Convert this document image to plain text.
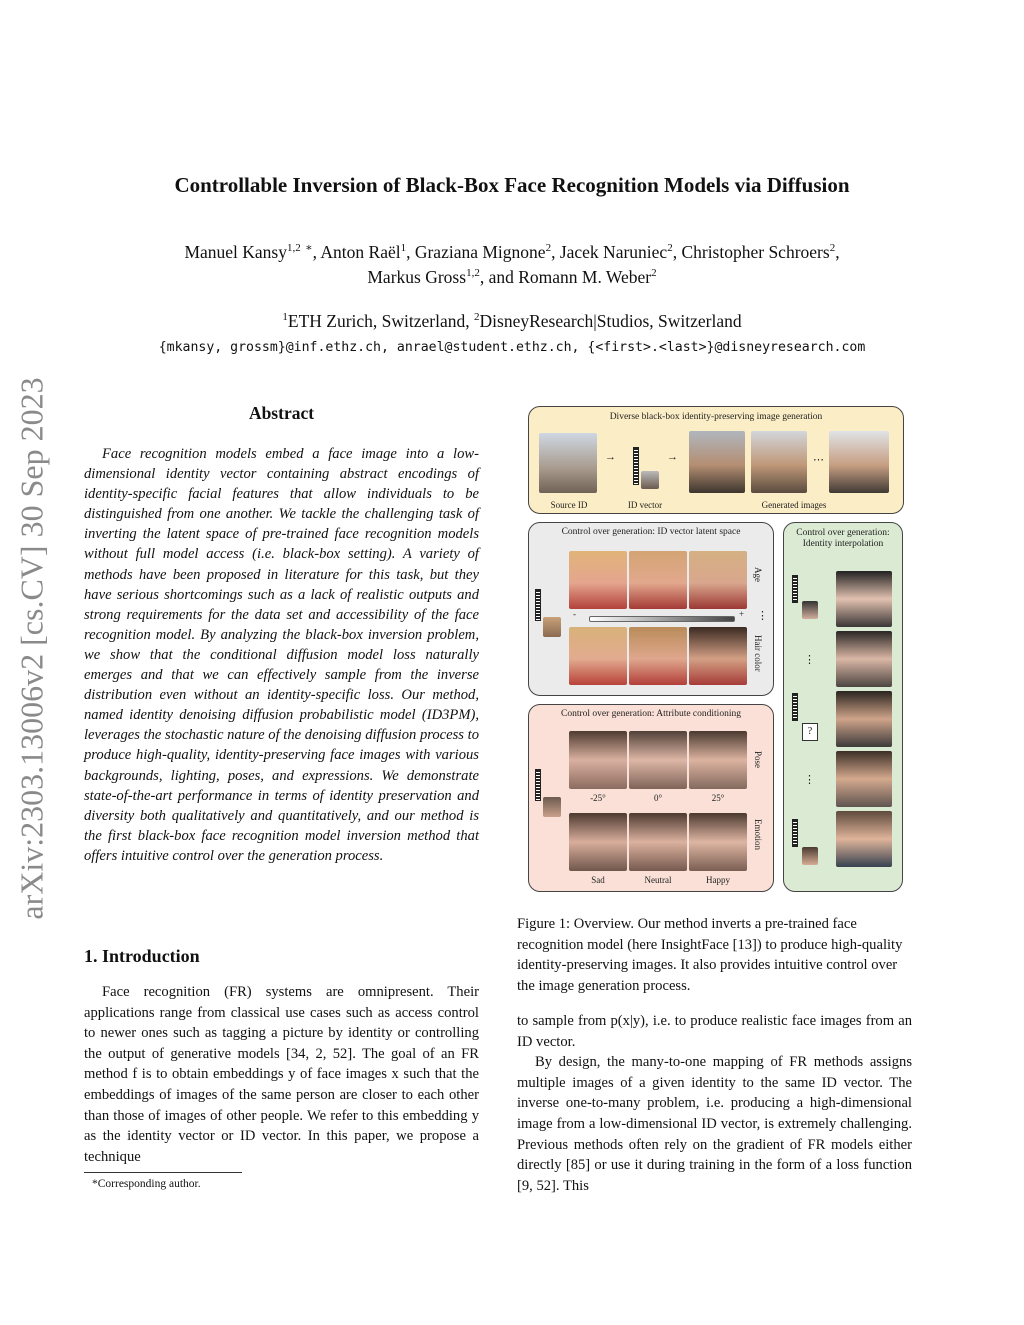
Controllable Inversion of Black-Box Face Recognition Models via Diffusion
Manuel Kansy$^{1,2}$ ∗, Anton Raël$^1$, Graziana Mignone$^2$, Jacek Naruniec$^2$, Christopher Schroers$^2$,
Markus Gross$^{1,2}$, and Romann M. Weber$^2$
$^1$ETH Zurich, Switzerland, $^2$DisneyResearch|Studios, Switzerland
{mkansy, grossm}@inf.ethz.ch, anrael@student.ethz.ch, {<first>.<last>}@disneyresearch.com
arXiv:2303.13006v2 [cs.CV] 30 Sep 2023	Abstract
Face recognition models embed a face image into a low-dimensional identity vector containing abstract encodings of identity-specific facial features that allow individuals to be distinguished from one another. We tackle the challenging task of inverting the latent space of pre-trained face recognition models without full model access (i.e. black-box setting). A variety of methods have been proposed in literature for this task, but they have serious shortcomings such as a lack of realistic outputs and strong requirements for the data set and accessibility of the face recognition model. By analyzing the black-box inversion problem, we show that the conditional diffusion model loss naturally emerges and that we can effectively sample from the inverse distribution even without an identity-specific loss. Our method, named identity denoising diffusion probabilistic model (ID3PM), leverages the stochastic nature of the denoising diffusion process to produce high-quality, identity-preserving face images with various backgrounds, lighting, poses, and expressions. We demonstrate state-of-the-art performance in terms of identity preservation and diversity both qualitatively and quantitatively, and our method is the first black-box face recognition model inversion method that offers intuitive control over the generation process.
1. Introduction
Face recognition (FR) systems are omnipresent. Their applications range from classical use cases such as access control to newer ones such as tagging a picture by identity or controlling the output of generative models [34, 2, 52]. The goal of an FR method f is to obtain embeddings y of face images x such that the embeddings of images of the same person are closer to each other than those of images of other people. We refer to this embedding y as the identity vector or ID vector. In this paper, we propose a technique
*Corresponding author.
Diverse black-box identity-preserving image generation
→	→	⋯
Source ID	ID vector	Generated images
Control over generation: ID vector latent space
Age
-	+ ⋮
Hair color
Control over generation: Attribute conditioning
Pose
-25°	0°	25°
Emotion
Sad	Neutral	Happy
Control over generation:
Identity interpolation
⋮
?
⋮
Figure 1: Overview. Our method inverts a pre-trained face recognition model (here InsightFace [13]) to produce high-quality identity-preserving images. It also provides intuitive control over the image generation process.

to sample from p(x|y), i.e. to produce realistic face images from an ID vector.

By design, the many-to-one mapping of FR methods assigns multiple images of a given identity to the same ID vector. The inverse one-to-many problem, i.e. producing a high-dimensional image from a low-dimensional ID vector, is extremely challenging. Previous methods often rely on the gradient of FR models either directly [85] or use it during training in the form of a loss function [9, 52]. This
